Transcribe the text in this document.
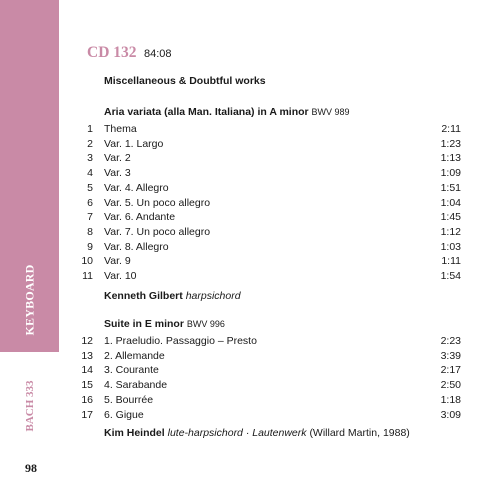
KEYBOARD
BACH 333
98
CD 132 84:08
Miscellaneous & Doubtful works
Aria variata (alla Man. Italiana) in A minor BWV 989
1 Thema	2:11
2 Var. 1. Largo	1:23
3 Var. 2	1:13
4 Var. 3	1:09
5 Var. 4. Allegro	1:51
6 Var. 5. Un poco allegro	1:04
7 Var. 6. Andante	1:45
8 Var. 7. Un poco allegro	1:12
9 Var. 8. Allegro	1:03
10 Var. 9	1:11
11 Var. 10	1:54
Kenneth Gilbert harpsichord
Suite in E minor BWV 996
12 1. Praeludio. Passaggio – Presto	2:23
13 2. Allemande	3:39
14 3. Courante	2:17
15 4. Sarabande	2:50
16 5. Bourrée	1:18
17 6. Gigue	3:09
Kim Heindel lute-harpsichord · Lautenwerk (Willard Martin, 1988)
